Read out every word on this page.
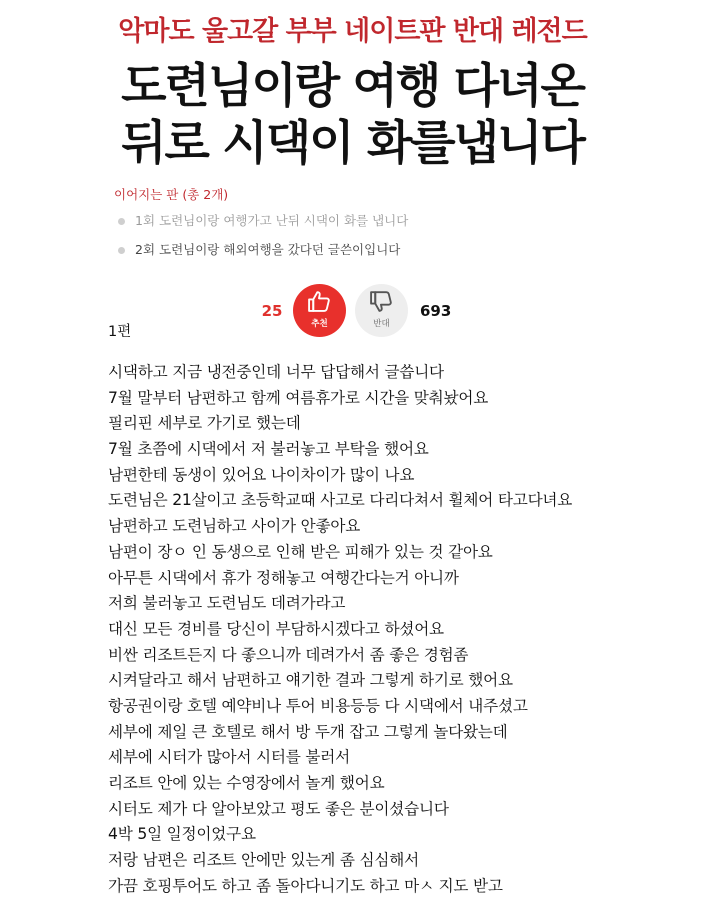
악마도 울고갈 부부 네이트판 반대 레전드
도련님이랑 여행 다녀온
뒤로 시댁이 화를냅니다
이어지는 판 (총 2개)
1회 도련님이랑 여행가고 난뒤 시댁이 화를 냅니다
2회 도련님이랑 해외여행을 갔다던 글쓴이입니다
25
추천	반대
693
1편
시댁하고 지금 냉전중인데 너무 답답해서 글씁니다
7월 말부터 남편하고 함께 여름휴가로 시간을 맞춰놨어요
필리핀 세부로 가기로 했는데
7월 초쯤에 시댁에서 저 불러놓고 부탁을 했어요
남편한테 동생이 있어요 나이차이가 많이 나요
도련님은 21살이고 초등학교때 사고로 다리다쳐서 휠체어 타고다녀요
남편하고 도련님하고 사이가 안좋아요
남편이 장ㅇ 인 동생으로 인해 받은 피해가 있는 것 같아요
아무튼 시댁에서 휴가 정해놓고 여행간다는거 아니까
저희 불러놓고 도련님도 데려가라고
대신 모든 경비를 당신이 부담하시겠다고 하셨어요
비싼 리조트든지 다 좋으니까 데려가서 좀 좋은 경험좀
시켜달라고 해서 남편하고 얘기한 결과 그렇게 하기로 했어요
항공권이랑 호텔 예약비나 투어 비용등등 다 시댁에서 내주셨고
세부에 제일 큰 호텔로 해서 방 두개 잡고 그렇게 놀다왔는데
세부에 시터가 많아서 시터를 불러서
리조트 안에 있는 수영장에서 놀게 했어요
시터도 제가 다 알아보았고 평도 좋은 분이셨습니다
4박 5일 일정이었구요
저랑 남편은 리조트 안에만 있는게 좀 심심해서
가끔 호핑투어도 하고 좀 돌아다니기도 하고 마ㅅ 지도 받고
